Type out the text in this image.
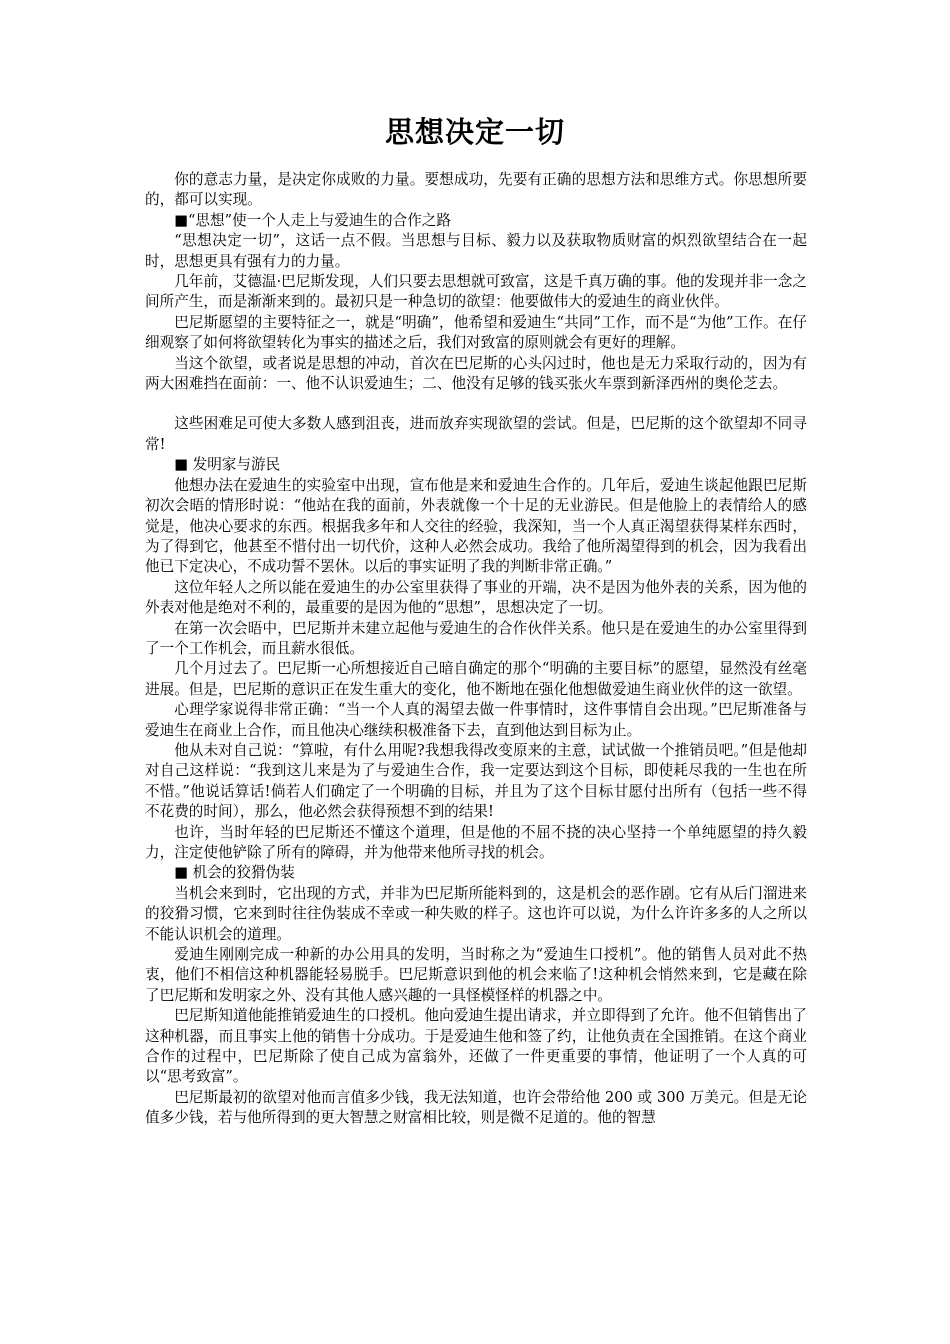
思想决定一切

你的意志力量，是决定你成败的力量。要想成功，先要有正确的思想方法和思维方式。你思想所要的，都可以实现。

■“思想”使一个人走上与爱迪生的合作之路

“思想决定一切”，这话一点不假。当思想与目标、毅力以及获取物质财富的炽烈欲望结合在一起时，思想更具有强有力的力量。

几年前，艾德温·巴尼斯发现，人们只要去思想就可致富，这是千真万确的事。他的发现并非一念之间所产生，而是渐渐来到的。最初只是一种急切的欲望：他要做伟大的爱迪生的商业伙伴。

巴尼斯愿望的主要特征之一，就是“明确”，他希望和爱迪生“共同”工作，而不是“为他”工作。在仔细观察了如何将欲望转化为事实的描述之后，我们对致富的原则就会有更好的理解。

当这个欲望，或者说是思想的冲动，首次在巴尼斯的心头闪过时，他也是无力采取行动的，因为有两大困难挡在面前：一、他不认识爱迪生；二、他没有足够的钱买张火车票到新泽西州的奥伦芝去。

这些困难足可使大多数人感到沮丧，进而放弃实现欲望的尝试。但是，巴尼斯的这个欲望却不同寻常!

■ 发明家与游民

他想办法在爱迪生的实验室中出现，宣布他是来和爱迪生合作的。几年后，爱迪生谈起他跟巴尼斯初次会晤的情形时说：“他站在我的面前，外表就像一个十足的无业游民。但是他脸上的表情给人的感觉是，他决心要求的东西。根据我多年和人交往的经验，我深知，当一个人真正渴望获得某样东西时，为了得到它，他甚至不惜付出一切代价，这种人必然会成功。我给了他所渴望得到的机会，因为我看出他已下定决心，不成功誓不罢休。以后的事实证明了我的判断非常正确。”

这位年轻人之所以能在爱迪生的办公室里获得了事业的开端，决不是因为他外表的关系，因为他的外表对他是绝对不利的，最重要的是因为他的“思想”，思想决定了一切。

在第一次会晤中，巴尼斯并未建立起他与爱迪生的合作伙伴关系。他只是在爱迪生的办公室里得到了一个工作机会，而且薪水很低。

几个月过去了。巴尼斯一心所想接近自己暗自确定的那个“明确的主要目标”的愿望，显然没有丝毫进展。但是，巴尼斯的意识正在发生重大的变化，他不断地在强化他想做爱迪生商业伙伴的这一欲望。

心理学家说得非常正确：“当一个人真的渴望去做一件事情时，这件事情自会出现。”巴尼斯准备与爱迪生在商业上合作，而且他决心继续积极准备下去，直到他达到目标为止。

他从未对自己说：“算啦，有什么用呢?我想我得改变原来的主意，试试做一个推销员吧。”但是他却对自己这样说：“我到这儿来是为了与爱迪生合作，我一定要达到这个目标，即使耗尽我的一生也在所不惜。”他说话算话!倘若人们确定了一个明确的目标，并且为了这个目标甘愿付出所有（包括一些不得不花费的时间），那么，他必然会获得预想不到的结果!

也许，当时年轻的巴尼斯还不懂这个道理，但是他的不屈不挠的决心坚持一个单纯愿望的持久毅力，注定使他铲除了所有的障碍，并为他带来他所寻找的机会。

■ 机会的狡猾伪装

当机会来到时，它出现的方式，并非为巴尼斯所能料到的，这是机会的恶作剧。它有从后门溜进来的狡猾习惯，它来到时往往伪装成不幸或一种失败的样子。这也许可以说，为什么许许多多的人之所以不能认识机会的道理。

爱迪生刚刚完成一种新的办公用具的发明，当时称之为“爱迪生口授机”。他的销售人员对此不热衷，他们不相信这种机器能轻易脱手。巴尼斯意识到他的机会来临了!这种机会悄然来到，它是藏在除了巴尼斯和发明家之外、没有其他人感兴趣的一具怪模怪样的机器之中。

巴尼斯知道他能推销爱迪生的口授机。他向爱迪生提出请求，并立即得到了允许。他不但销售出了这种机器，而且事实上他的销售十分成功。于是爱迪生他和签了约，让他负责在全国推销。在这个商业合作的过程中，巴尼斯除了使自己成为富翁外，还做了一件更重要的事情，他证明了一个人真的可以“思考致富”。

巴尼斯最初的欲望对他而言值多少钱，我无法知道，也许会带给他 200 或 300 万美元。但是无论值多少钱，若与他所得到的更大智慧之财富相比较，则是微不足道的。他的智慧
